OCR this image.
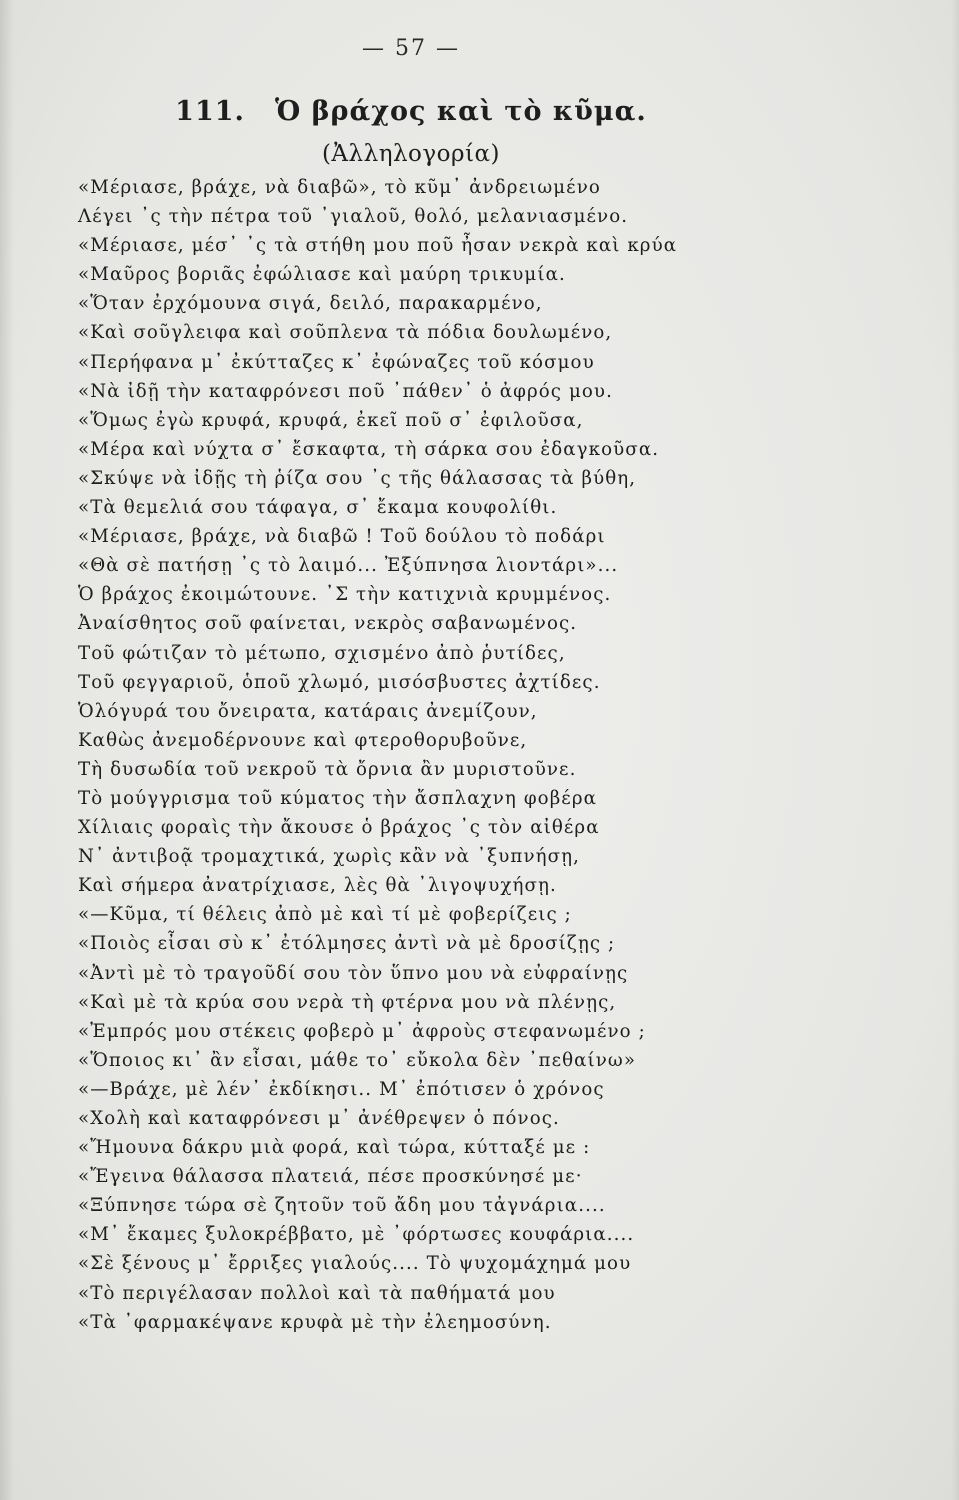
— 57 —
111. Ὁ βράχος καὶ τὸ κῦμα.
(Ἀλληλογορία)
«Μέριασε, βράχε, νὰ διαβῶ», τὸ κῦμ᾽ ἀνδρειωμένο
Λέγει ᾽ς τὴν πέτρα τοῦ ᾽γιαλοῦ, θολό, μελανιασμένο.
«Μέριασε, μέσ᾽ ᾽ς τὰ στήθη μου ποῦ ἦσαν νεκρὰ καὶ κρύα
«Μαῦρος βοριᾶς ἐφώλιασε καὶ μαύρη τρικυμία.
«Ὅταν ἐρχόμουνα σιγά, δειλό, παρακαρμένο,
«Καὶ σοῦγλειφα καὶ σοῦπλενα τὰ πόδια δουλωμένο,
«Περήφανα μ᾽ ἐκύτταζες κ᾽ ἐφώναζες τοῦ κόσμου
«Νὰ ἰδῇ τὴν καταφρόνεσι ποῦ ᾽πάθεν᾽ ὁ ἀφρός μου.
«Ὅμως ἐγὼ κρυφά, κρυφά, ἐκεῖ ποῦ σ᾽ ἐφιλοῦσα,
«Μέρα καὶ νύχτα σ᾽ ἔσκαφτα, τὴ σάρκα σου ἐδαγκοῦσα.
«Σκύψε νὰ ἰδῇς τὴ ῥίζα σου ᾽ς τῆς θάλασσας τὰ βύθη,
«Τὰ θεμελιά σου τάφαγα, σ᾽ ἔκαμα κουφολίθι.
«Μέριασε, βράχε, νὰ διαβῶ ! Τοῦ δούλου τὸ ποδάρι
«Θὰ σὲ πατήσῃ ᾽ς τὸ λαιμό... Ἐξύπνησα λιοντάρι»...
Ὁ βράχος ἐκοιμώτουνε. ᾽Σ τὴν κατιχνιὰ κρυμμένος.
Ἀναίσθητος σοῦ φαίνεται, νεκρὸς σαβανωμένος.
Τοῦ φώτιζαν τὸ μέτωπο, σχισμένο ἀπὸ ῥυτίδες,
Τοῦ φεγγαριοῦ, ὁποῦ χλωμό, μισόσβυστες ἀχτίδες.
Ὁλόγυρά του ὄνειρατα, κατάραις ἀνεμίζουν,
Καθὼς ἀνεμοδέρνουνε καὶ φτεροθορυβοῦνε,
Τὴ δυσωδία τοῦ νεκροῦ τὰ ὄρνια ἂν μυριστοῦνε.
Τὸ μούγγρισμα τοῦ κύματος τὴν ἄσπλαχνη φοβέρα
Χίλιαις φοραὶς τὴν ἄκουσε ὁ βράχος ᾽ς τὸν αἰθέρα
Ν᾽ ἀντιβοᾷ τρομαχτικά, χωρὶς κἂν νὰ ᾽ξυπνήσῃ,
Καὶ σήμερα ἀνατρίχιασε, λὲς θὰ ᾽λιγοψυχήσῃ.
«—Κῦμα, τί θέλεις ἀπὸ μὲ καὶ τί μὲ φοβερίζεις ;
«Ποιὸς εἶσαι σὺ κ᾽ ἐτόλμησες ἀντὶ νὰ μὲ δροσίζῃς ;
«Ἀντὶ μὲ τὸ τραγοῦδί σου τὸν ὕπνο μου νὰ εὐφραίνῃς
«Καὶ μὲ τὰ κρύα σου νερὰ τὴ φτέρνα μου νὰ πλένῃς,
«Ἐμπρός μου στέκεις φοβερὸ μ᾽ ἀφροὺς στεφανωμένο ;
«Ὅποιος κι᾽ ἂν εἶσαι, μάθε το᾽ εὔκολα δὲν ᾽πεθαίνω»
«—Βράχε, μὲ λέν᾽ ἐκδίκησι.. Μ᾽ ἐπότισεν ὁ χρόνος
«Χολὴ καὶ καταφρόνεσι μ᾽ ἀνέθρεψεν ὁ πόνος.
«Ἤμουνα δάκρυ μιὰ φορά, καὶ τώρα, κύτταξέ με :
«Ἔγεινα θάλασσα πλατειά, πέσε προσκύνησέ με·
«Ξύπνησε τώρα σὲ ζητοῦν τοῦ ἄδη μου τἀγνάρια....
«Μ᾽ ἔκαμες ξυλοκρέββατο, μὲ ᾽φόρτωσες κουφάρια....
«Σὲ ξένους μ᾽ ἔρριξες γιαλούς.... Τὸ ψυχομάχημά μου
«Τὸ περιγέλασαν πολλοὶ καὶ τὰ παθήματά μου
«Τὰ ᾽φαρμακέψανε κρυφὰ μὲ τὴν ἐλεημοσύνη.
